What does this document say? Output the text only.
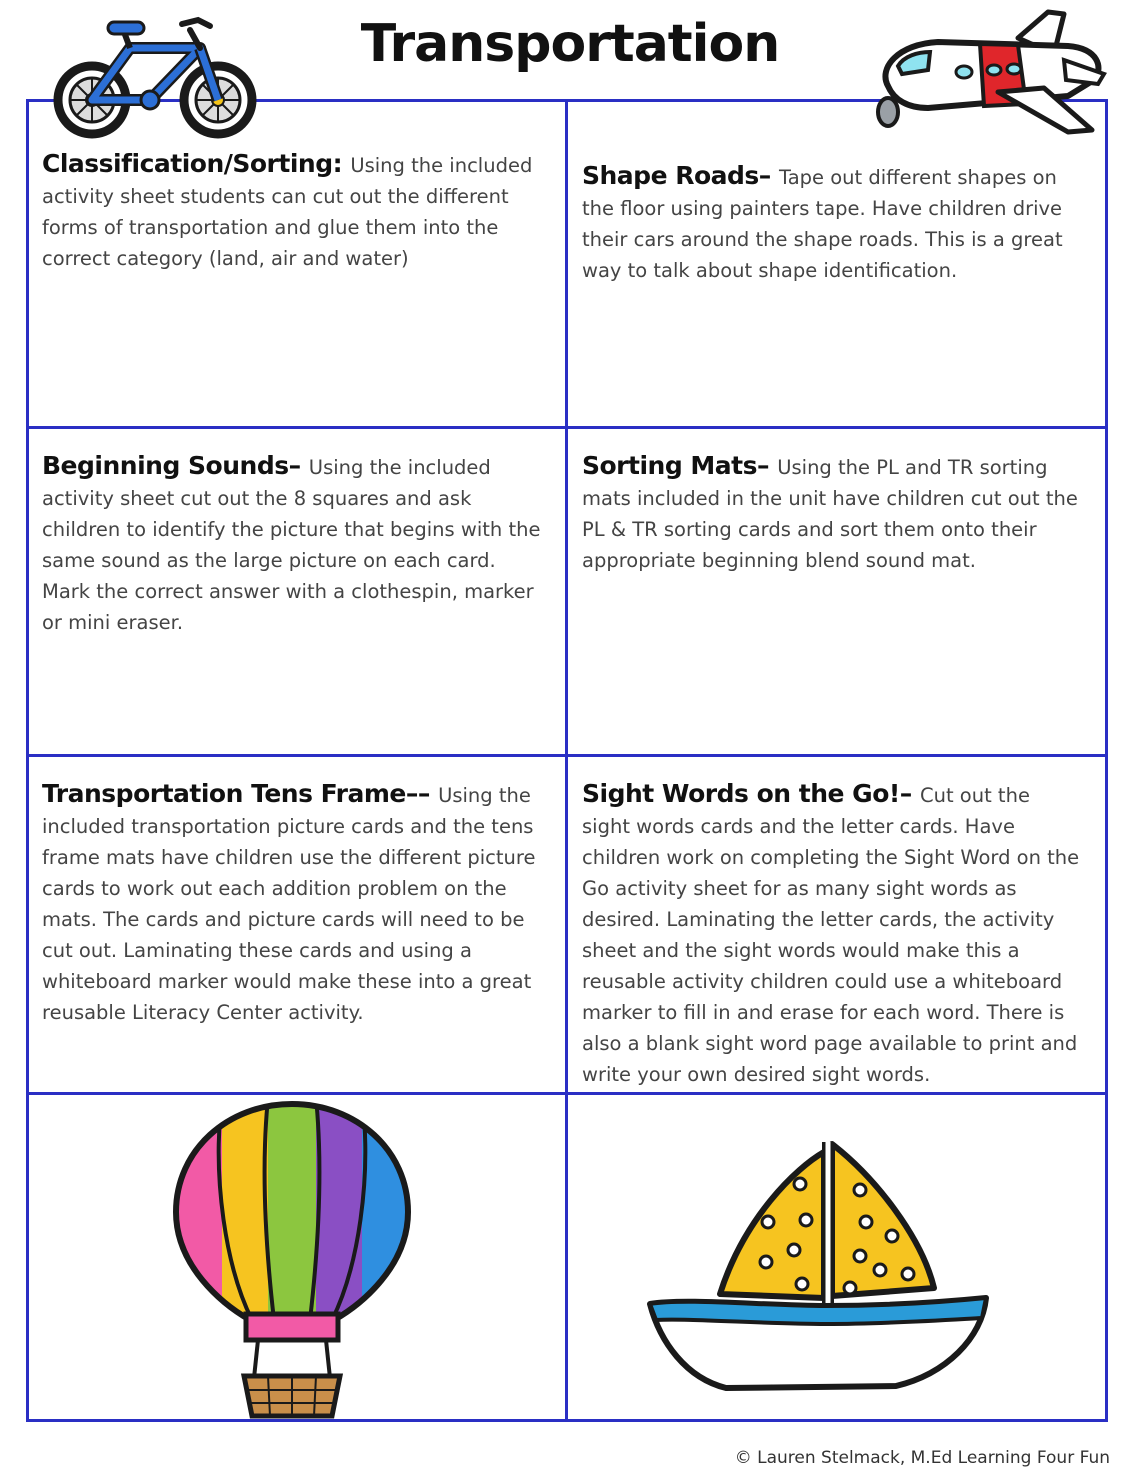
Transportation
Classification/Sorting: Using the included activity sheet students can cut out the different forms of transportation and glue them into the correct category (land, air and water)
Shape Roads– Tape out different shapes on the floor using painters tape. Have children drive their cars around the shape roads. This is a great way to talk about shape identification.
Beginning Sounds– Using the included activity sheet cut out the 8 squares and ask children to identify the picture that begins with the same sound as the large picture on each card. Mark the correct answer with a clothespin, marker or mini eraser.
Sorting Mats– Using the PL and TR sorting mats included in the unit have children cut out the PL & TR sorting cards and sort them onto their appropriate beginning blend sound mat.
Transportation Tens Frame–– Using the included transportation picture cards and the tens frame mats have children use the different picture cards to work out each addition problem on the mats. The cards and picture cards will need to be cut out. Laminating these cards and using a whiteboard marker would make these into a great reusable Literacy Center activity.
Sight Words on the Go!– Cut out the sight words cards and the letter cards. Have children work on completing the Sight Word on the Go activity sheet for as many sight words as desired. Laminating the letter cards, the activity sheet and the sight words would make this a reusable activity children could use a whiteboard marker to fill in and erase for each word. There is also a blank sight word page available to print and write your own desired sight words.
© Lauren Stelmack, M.Ed Learning Four Fun
